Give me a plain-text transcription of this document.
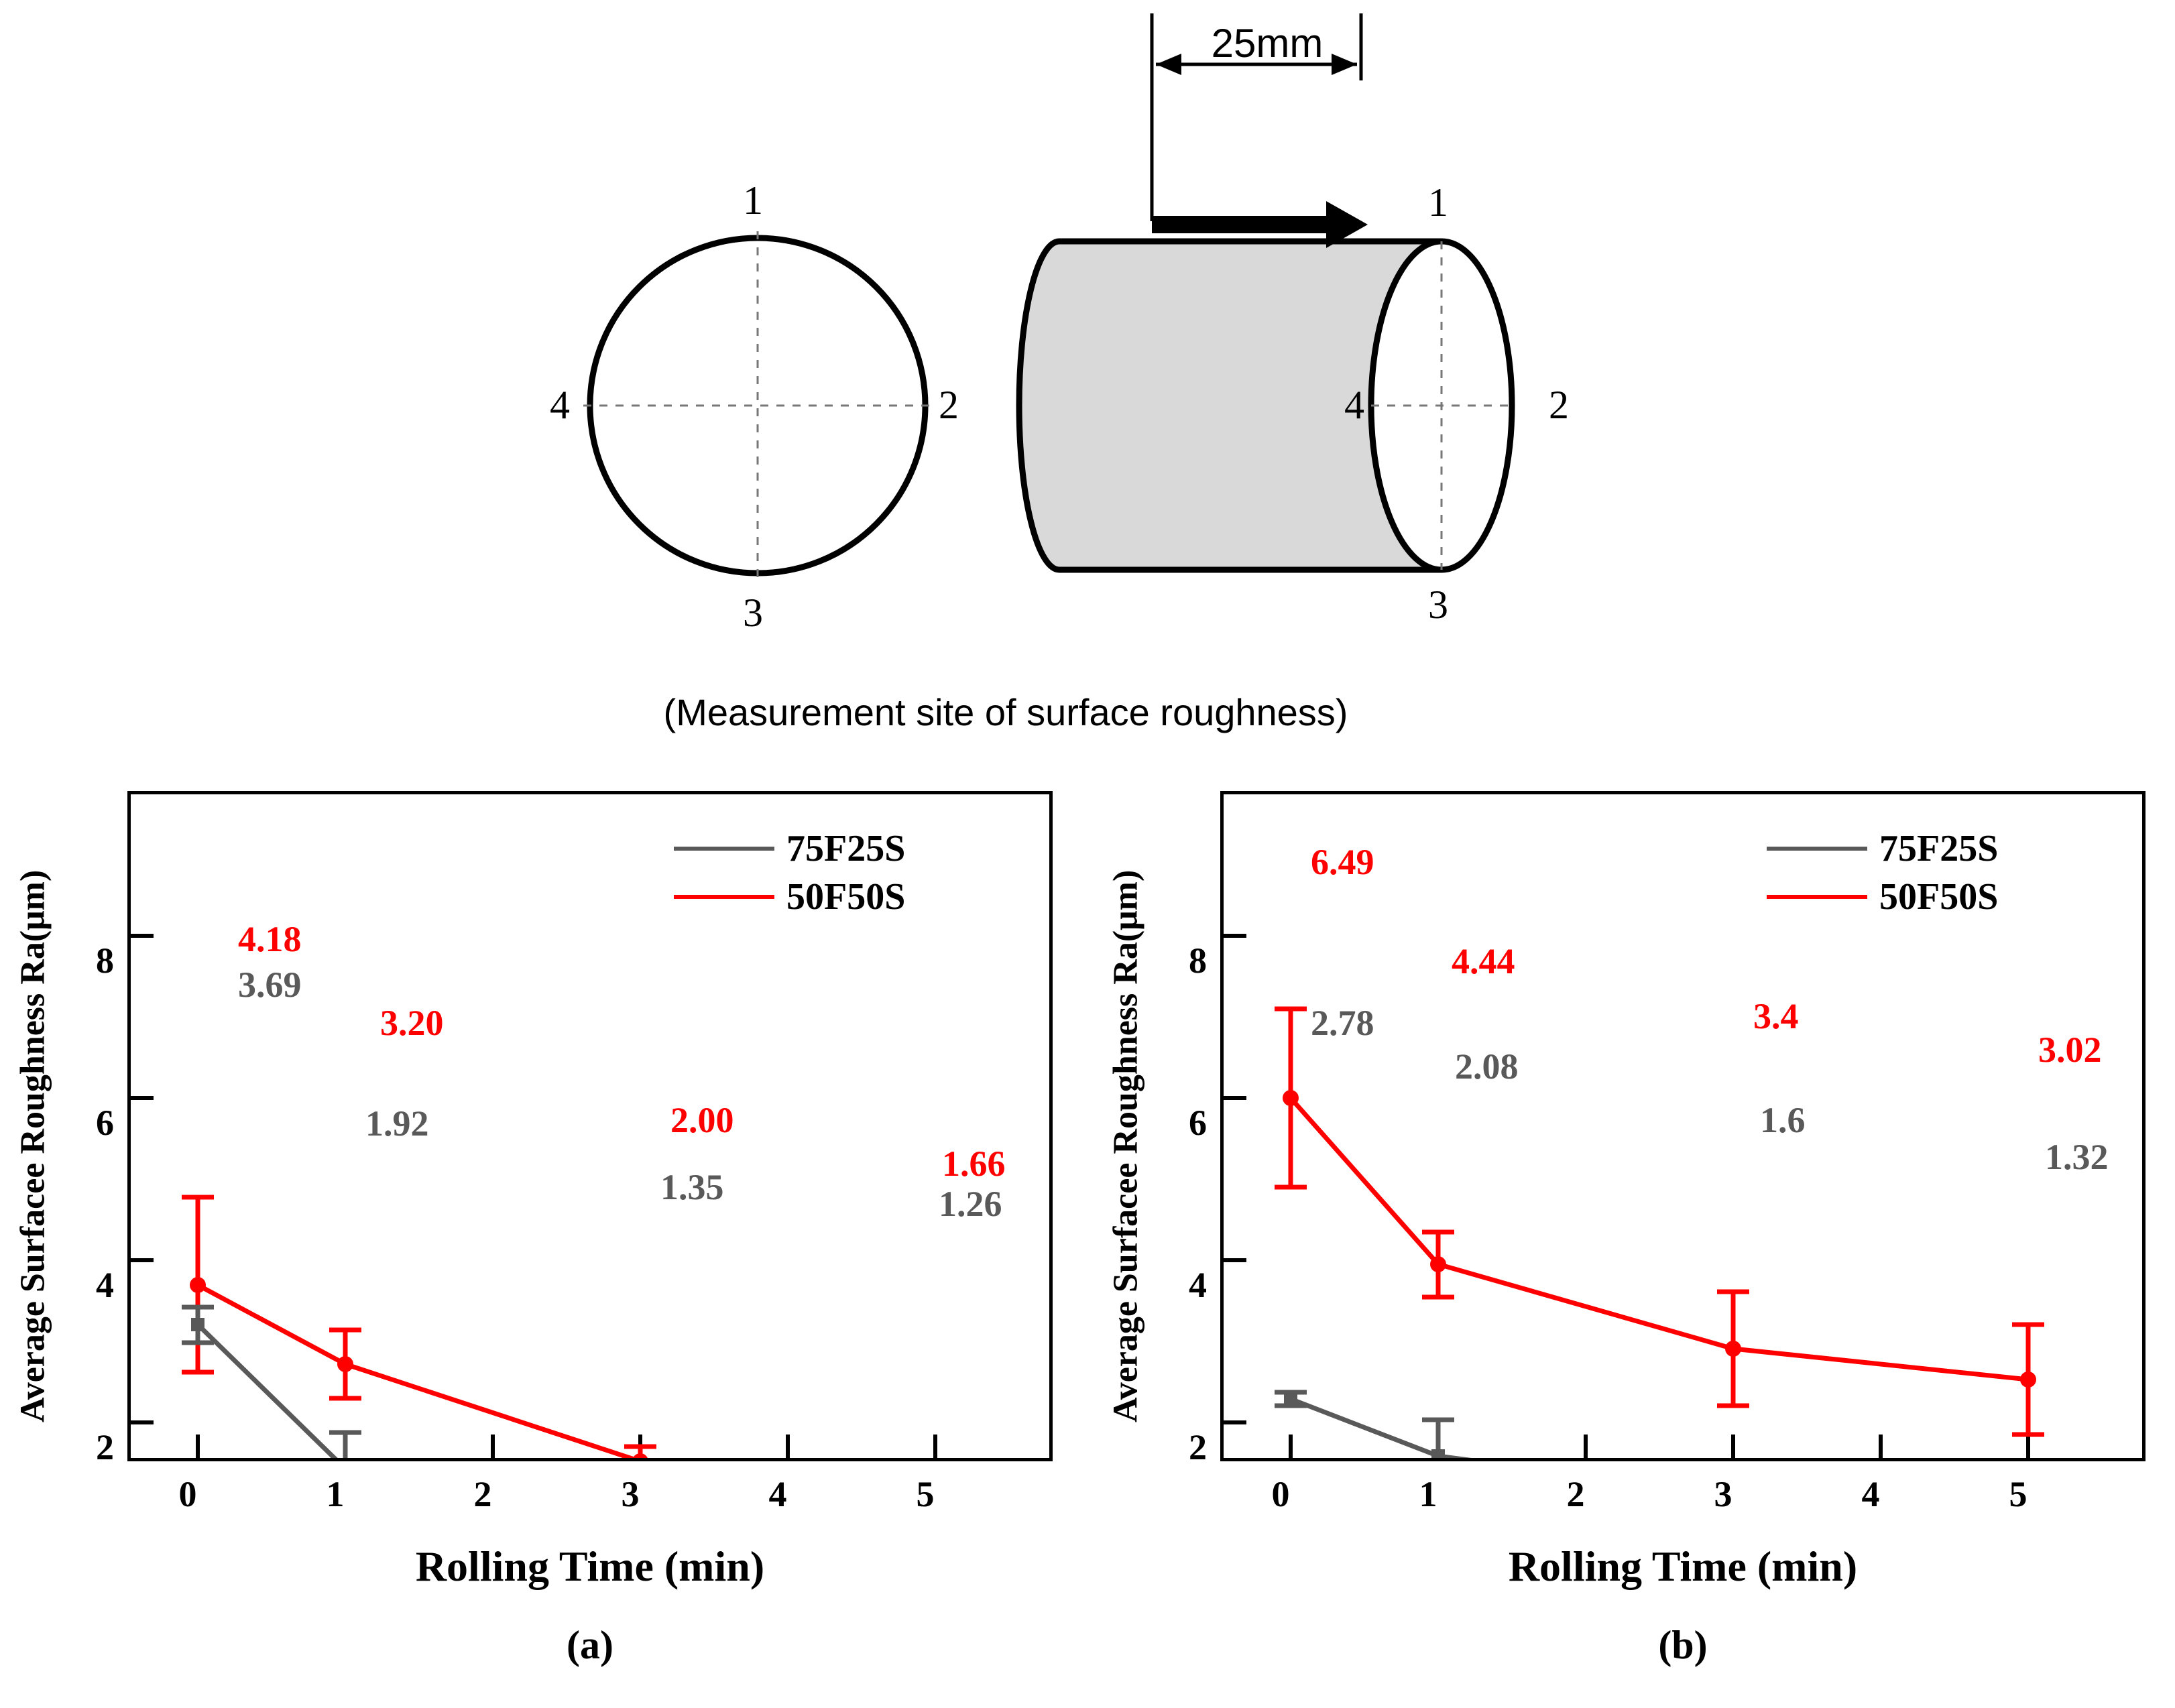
25mm
1
2
3
4
1
2
3
4
(Measurement site of surface roughness)
Average Surfacee Roughness Ra(μm)
2
4
6
8
0	1	2	3	4	5
4.18
3.69
3.20
1.92	2.00
1.35
1.66
1.26
75F25S
50F50S
Rolling Time (min)
(a)
Average Surfacee Roughness Ra(μm)
2
4
6
8
0	1	2	3	4	5
6.49
4.44
3.4
3.02
2.78
2.08
1.6
1.32
75F25S
50F50S
Rolling Time (min)
(b)
